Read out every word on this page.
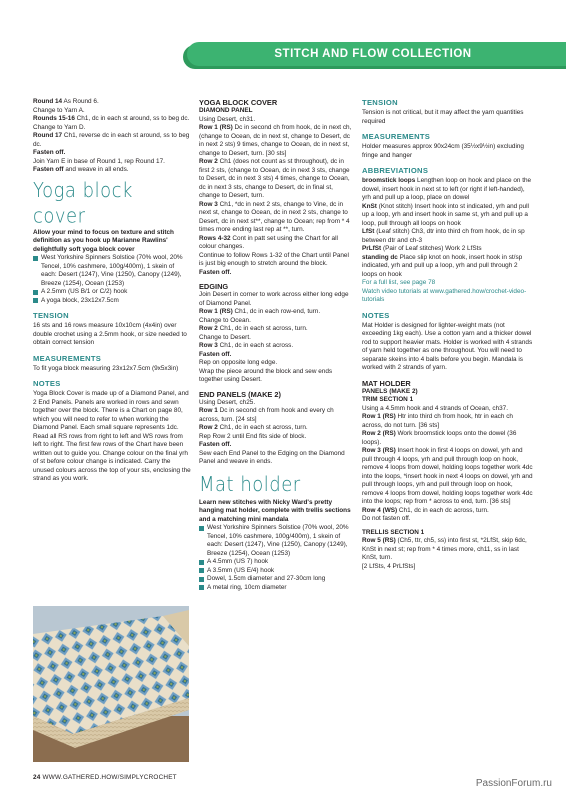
STITCH AND FLOW COLLECTION

Round 14 As Round 6.

Change to Yarn A.

Rounds 15-16 Ch1, dc in each st around, ss to beg dc.

Change to Yarn D.

Round 17 Ch1, reverse dc in each st around, ss to beg dc.

Fasten off.

Join Yarn E in base of Round 1, rep Round 17.

Fasten off and weave in all ends.

Yoga block cover

Allow your mind to focus on texture and stitch definition as you hook up Marianne Rawlins' delightfully soft yoga block cover

West Yorkshire Spinners Solstice (70% wool, 20% Tencel, 10% cashmere, 100g/400m), 1 skein of each: Desert (1247), Vine (1250), Canopy (1249), Breeze (1254), Ocean (1253)
A 2.5mm (US B/1 or C/2) hook
A yoga block, 23x12x7.5cm
TENSION

16 sts and 16 rows measure 10x10cm (4x4in) over double crochet using a 2.5mm hook, or size needed to obtain correct tension

MEASUREMENTS

To fit yoga block measuring 23x12x7.5cm (9x5x3in)

NOTES

Yoga Block Cover is made up of a Diamond Panel, and 2 End Panels. Panels are worked in rows and sewn together over the block. There is a Chart on page 80, which you will need to refer to when working the Diamond Panel. Each small square represents 1dc. Read all RS rows from right to left and WS rows from left to right. The first few rows of the Chart have been written out to guide you. Change colour on the final yrh of st before colour change is indicated. Carry the unused colours across the top of your sts, enclosing the strand as you work.

YOGA BLOCK COVER
DIAMOND PANEL

Using Desert, ch31.

Row 1 (RS) Dc in second ch from hook, dc in next ch, (change to Ocean, dc in next st, change to Desert, dc in next 2 sts) 9 times, change to Ocean, dc in next st, change to Desert, turn. [30 sts]

Row 2 Ch1 (does not count as st throughout), dc in first 2 sts, (change to Ocean, dc in next 3 sts, change to Desert, dc in next 3 sts) 4 times, change to Ocean, dc in next 3 sts, change to Desert, dc in final st, change to Desert, turn.

Row 3 Ch1, *dc in next 2 sts, change to Vine, dc in next st, change to Ocean, dc in next 2 sts, change to Desert, dc in next st**, change to Ocean; rep from * 4 times more ending last rep at **, turn.

Rows 4-32 Cont in patt set using the Chart for all colour changes.

Continue to follow Rows 1-32 of the Chart until Panel is just big enough to stretch around the block.

Fasten off.

EDGING

Join Desert in corner to work across either long edge of Diamond Panel.

Row 1 (RS) Ch1, dc in each row-end, turn.

Change to Ocean.

Row 2 Ch1, dc in each st across, turn.

Change to Desert.

Row 3 Ch1, dc in each st across.

Fasten off.

Rep on opposite long edge.

Wrap the piece around the block and sew ends together using Desert.

END PANELS (MAKE 2)

Using Desert, ch25.

Row 1 Dc in second ch from hook and every ch across, turn. [24 sts]

Row 2 Ch1, dc in each st across, turn.

Rep Row 2 until End fits side of block.

Fasten off.

Sew each End Panel to the Edging on the Diamond Panel and weave in ends.

Mat holder

Learn new stitches with Nicky Ward's pretty hanging mat holder, complete with trellis sections and a matching mini mandala

West Yorkshire Spinners Solstice (70% wool, 20% Tencel, 10% cashmere, 100g/400m), 1 skein of each: Desert (1247), Vine (1250), Canopy (1249), Breeze (1254), Ocean (1253)
A 4.5mm (US 7) hook
A 3.5mm (US E/4) hook
Dowel, 1.5cm diameter and 27-30cm long
A metal ring, 10cm diameter
TENSION

Tension is not critical, but it may affect the yarn quantities required

MEASUREMENTS

Holder measures approx 90x24cm (35½x9½in) excluding fringe and hanger

ABBREVIATIONS

broomstick loops Lengthen loop on hook and place on the dowel, insert hook in next st to left (or right if left-handed), yrh and pull up a loop, place on dowel

KnSt (Knot stitch) Insert hook into st indicated, yrh and pull up a loop, yrh and insert hook in same st, yrh and pull up a loop, pull through all loops on hook

LfSt (Leaf stitch) Ch3, dtr into third ch from hook, dc in sp between dtr and ch-3

PrLfSt (Pair of Leaf stitches) Work 2 LfSts

standing dc Place slip knot on hook, insert hook in st/sp indicated, yrh and pull up a loop, yrh and pull through 2 loops on hook

For a full list, see page 78

Watch video tutorials at www.gathered.how/crochet-video-tutorials

NOTES

Mat Holder is designed for lighter-weight mats (not exceeding 1kg each). Use a cotton yarn and a thicker dowel rod to support heavier mats. Holder is worked with 4 strands of yarn held together as one throughout. You will need to separate skeins into 4 balls before you begin. Mandala is worked with 2 strands of yarn.

MAT HOLDER
PANELS (MAKE 2)
TRIM SECTION 1

Using a 4.5mm hook and 4 strands of Ocean, ch37.

Row 1 (RS) Htr into third ch from hook, htr in each ch across, do not turn. [36 sts]

Row 2 (RS) Work broomstick loops onto the dowel (36 loops).

Row 3 (RS) Insert hook in first 4 loops on dowel, yrh and pull through 4 loops, yrh and pull through loop on hook, remove 4 loops from dowel, holding loops together work 4dc into the loops, *insert hook in next 4 loops on dowel, yrh and pull through loops, yrh and pull through loop on hook, remove 4 loops from dowel, holding loops together work 4dc into the loops; rep from * across to end, turn. [36 sts]

Row 4 (WS) Ch1, dc in each dc across, turn.

Do not fasten off.

TRELLIS SECTION 1

Row 5 (RS) (Ch5, ttr, ch5, ss) into first st, *2LfSt, skip 6dc, KnSt in next st; rep from * 4 times more, ch11, ss in last KnSt, turn.

[2 LfSts, 4 PrLfSts]

24 WWW.GATHERED.HOW/SIMPLYCROCHET
PassionForum.ru
